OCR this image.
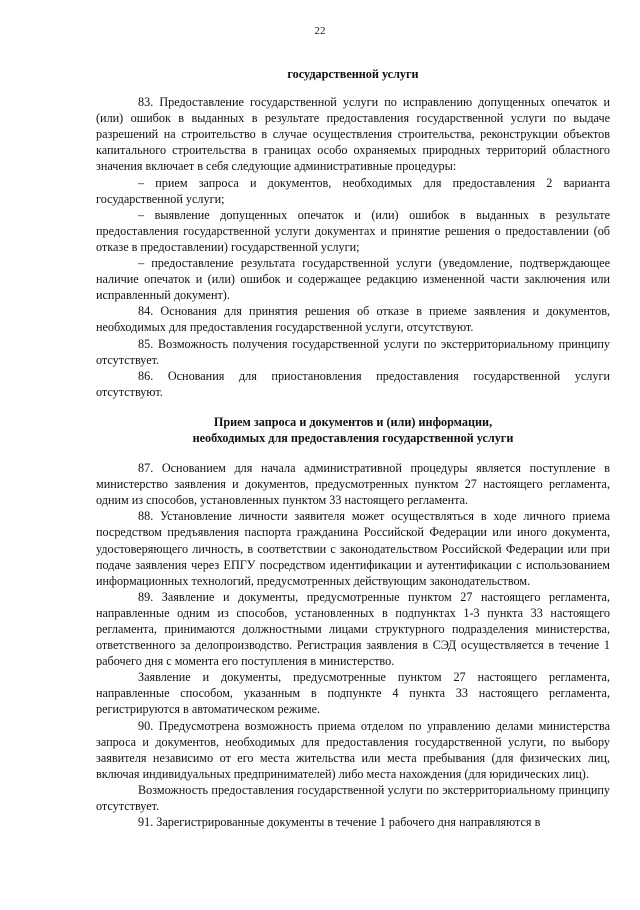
22

государственной услуги

83. Предоставление государственной услуги по исправлению допущенных опечаток и (или) ошибок в выданных в результате предоставления государственной услуги по выдаче разрешений на строительство в случае осуществления строительства, реконструкции объектов капитального строительства в границах особо охраняемых природных территорий областного значения включает в себя следующие административные процедуры:

– прием запроса и документов, необходимых для предоставления 2 варианта государственной услуги;

– выявление допущенных опечаток и (или) ошибок в выданных в результате предоставления государственной услуги документах и принятие решения о предоставлении (об отказе в предоставлении) государственной услуги;

– предоставление результата государственной услуги (уведомление, подтверждающее наличие опечаток и (или) ошибок и содержащее редакцию измененной части заключения или исправленный документ).

84. Основания для принятия решения об отказе в приеме заявления и документов, необходимых для предоставления государственной услуги, отсутствуют.

85. Возможность получения государственной услуги по экстерриториальному принципу отсутствует.

86. Основания для приостановления предоставления государственной услуги отсутствуют.

Прием запроса и документов и (или) информации,

необходимых для предоставления государственной услуги

87. Основанием для начала административной процедуры является поступление в министерство заявления и документов, предусмотренных пунктом 27 настоящего регламента, одним из способов, установленных пунктом 33 настоящего регламента.

88. Установление личности заявителя может осуществляться в ходе личного приема посредством предъявления паспорта гражданина Российской Федерации или иного документа, удостоверяющего личность, в соответствии с законодательством Российской Федерации или при подаче заявления через ЕПГУ посредством идентификации и аутентификации с использованием информационных технологий, предусмотренных действующим законодательством.

89. Заявление и документы, предусмотренные пунктом 27 настоящего регламента, направленные одним из способов, установленных в подпунктах 1-3 пункта 33 настоящего регламента, принимаются должностными лицами структурного подразделения министерства, ответственного за делопроизводство. Регистрация заявления в СЭД осуществляется в течение 1 рабочего дня с момента его поступления в министерство.

Заявление и документы, предусмотренные пунктом 27 настоящего регламента, направленные способом, указанным в подпункте 4 пункта 33 настоящего регламента, регистрируются в автоматическом режиме.

90. Предусмотрена возможность приема отделом по управлению делами министерства запроса и документов, необходимых для предоставления государственной услуги, по выбору заявителя независимо от его места жительства или места пребывания (для физических лиц, включая индивидуальных предпринимателей) либо места нахождения (для юридических лиц).

Возможность предоставления государственной услуги по экстерриториальному принципу отсутствует.

91. Зарегистрированные документы в течение 1 рабочего дня направляются в
